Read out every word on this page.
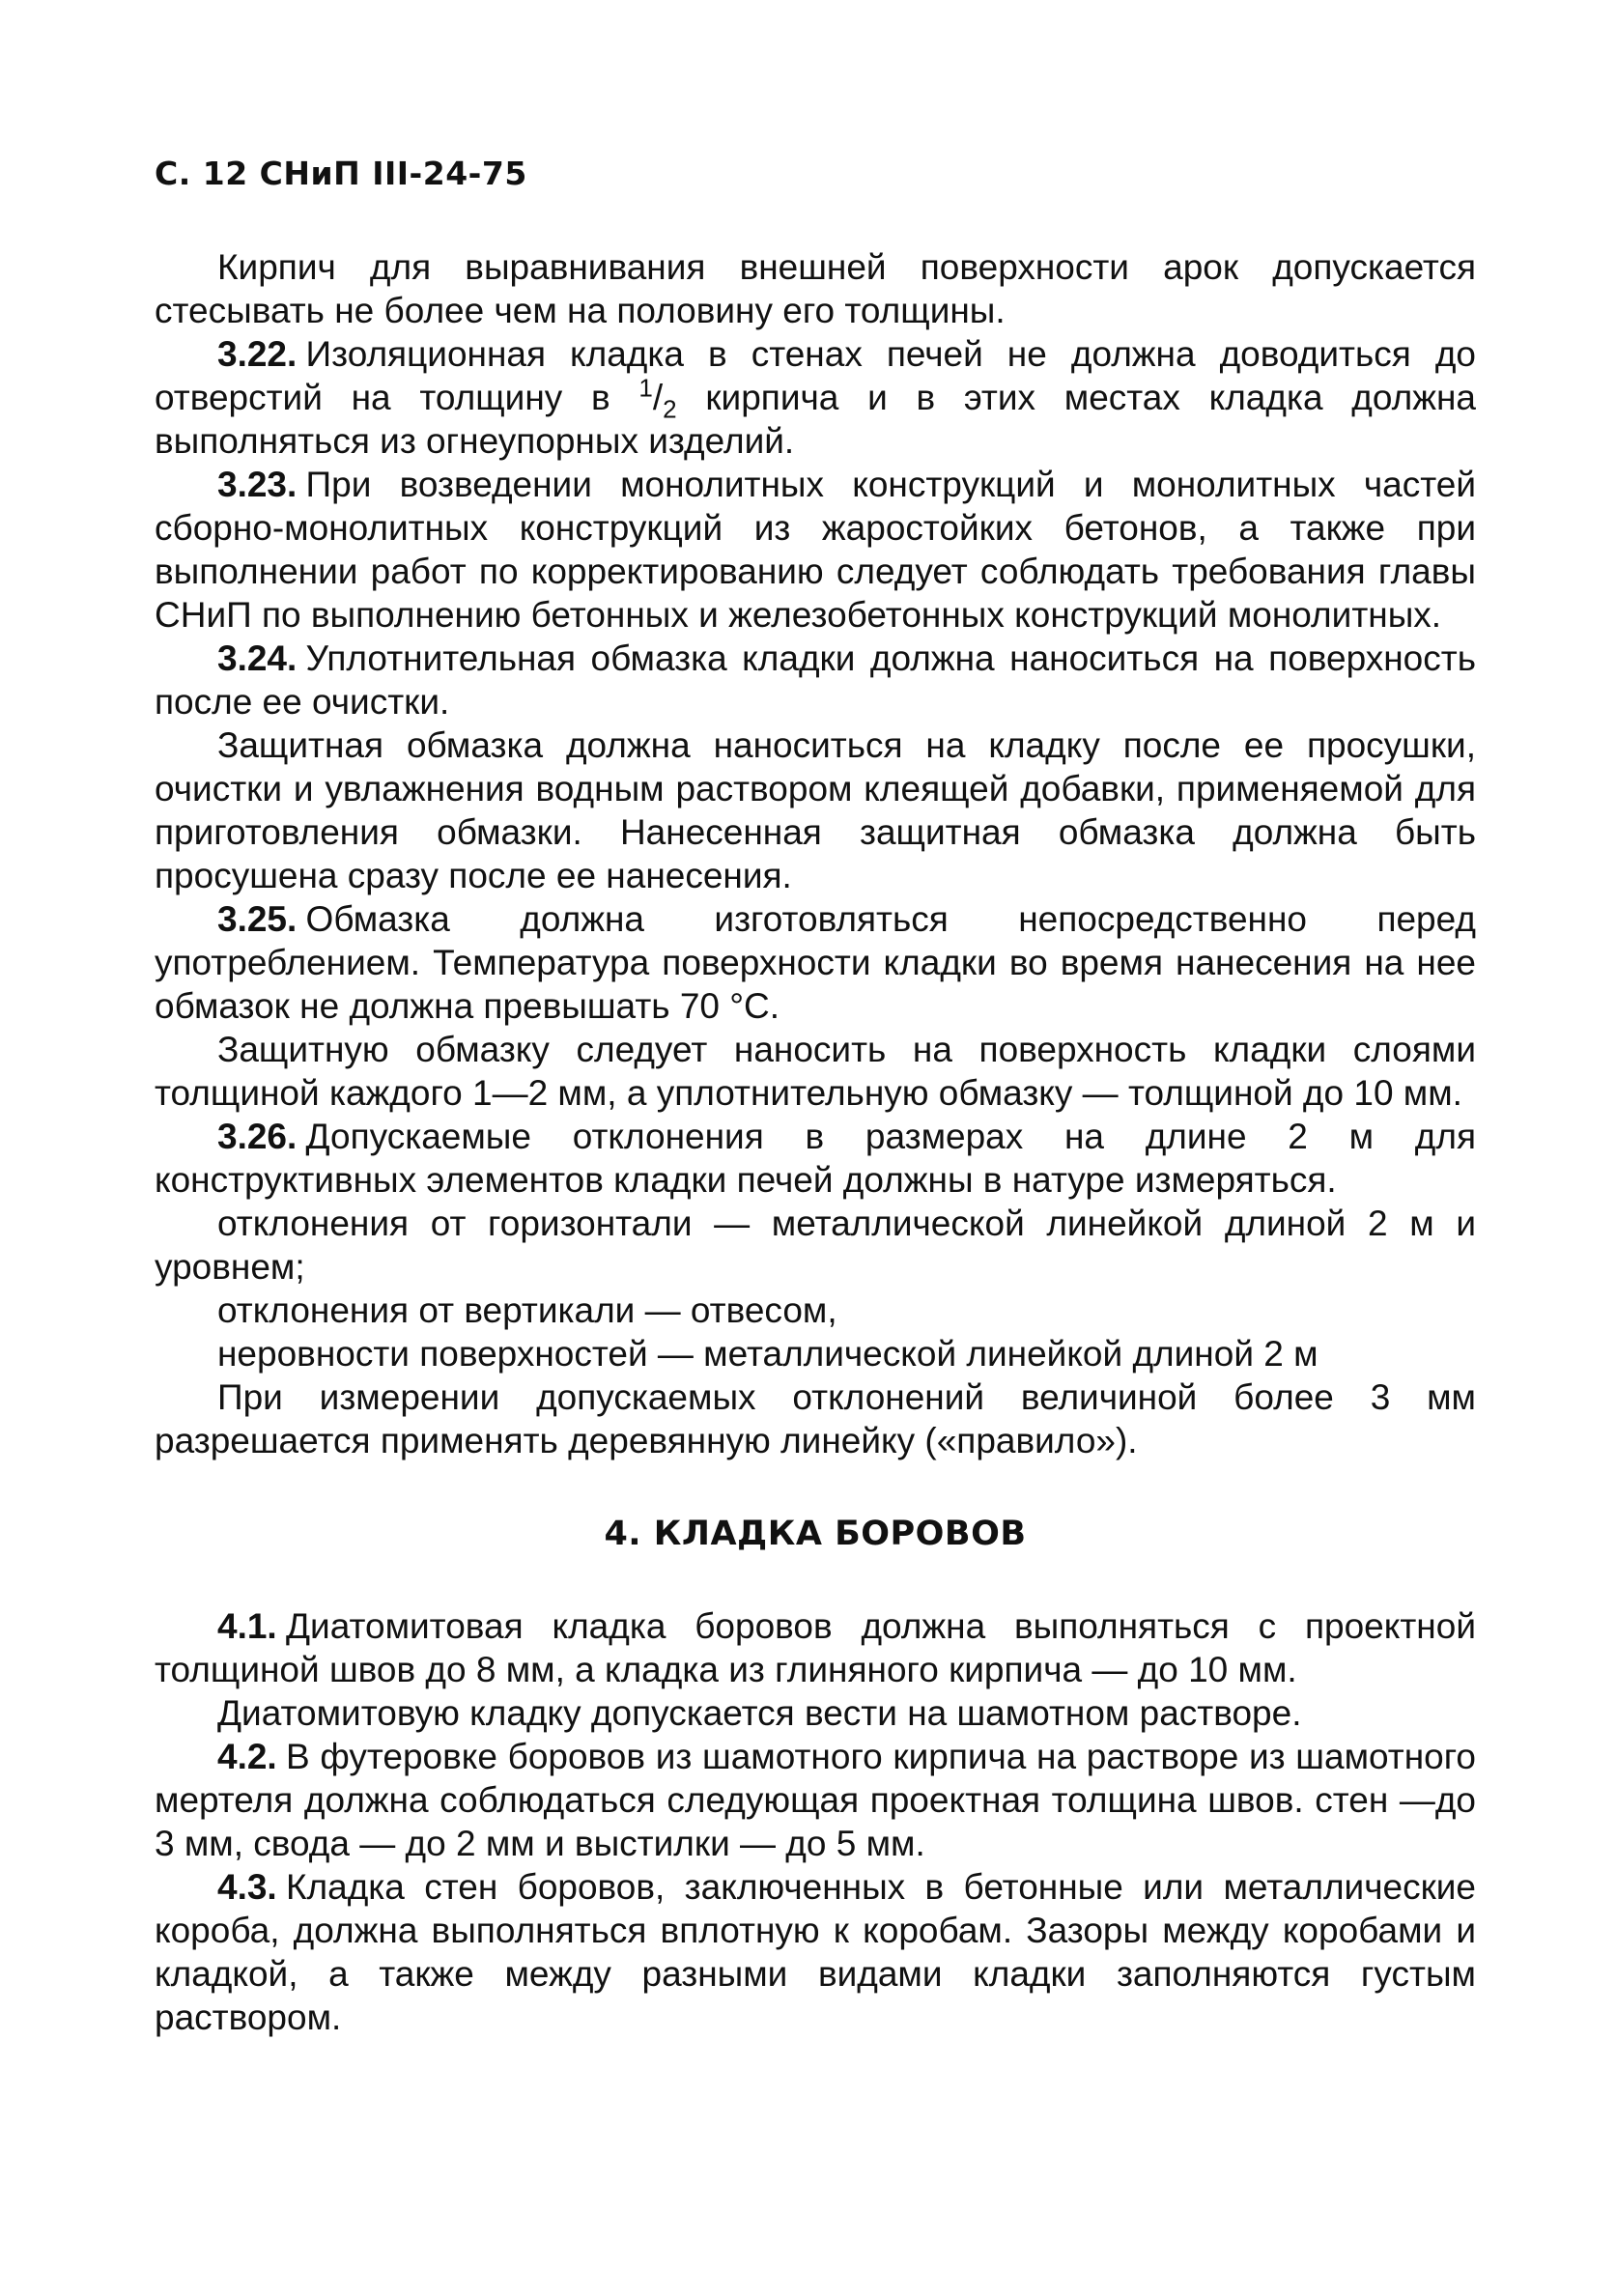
С. 12 СНиП III-24-75

Кирпич для выравнивания внешней поверхности арок допускается стесывать не более чем на половину его толщины.

3.22. Изоляционная кладка в стенах печей не должна доводиться до отверстий на толщину в $^1/_2$ кирпича и в этих местах кладка должна выполняться из огнеупорных изделий.

3.23. При возведении монолитных конструкций и монолитных частей сборно-монолитных конструкций из жаростойких бетонов, а также при выполнении работ по корректированию следует соблюдать требования главы СНиП по выполнению бетонных и железобетонных конструкций монолитных.

3.24. Уплотнительная обмазка кладки должна наноситься на поверхность после ее очистки.

Защитная обмазка должна наноситься на кладку после ее просушки, очистки и увлажнения водным раствором клеящей добавки, применяемой для приготовления обмазки. Нанесенная защитная обмазка должна быть просушена сразу после ее нанесения.

3.25. Обмазка должна изготовляться непосредственно перед употреблением. Температура поверхности кладки во время нанесения на нее обмазок не должна превышать 70 °С.

Защитную обмазку следует наносить на поверхность кладки слоями толщиной каждого 1—2 мм, а уплотнительную обмазку — толщиной до 10 мм.

3.26. Допускаемые отклонения в размерах на длине 2 м для конструктивных элементов кладки печей должны в натуре измеряться.

отклонения от горизонтали — металлической линейкой длиной 2 м и уровнем;

отклонения от вертикали — отвесом,

неровности поверхностей — металлической линейкой длиной 2 м

При измерении допускаемых отклонений величиной более 3 мм разрешается применять деревянную линейку («правило»).

4. КЛАДКА БОРОВОВ

4.1. Диатомитовая кладка боровов должна выполняться с проектной толщиной швов до 8 мм, а кладка из глиняного кирпича — до 10 мм.

Диатомитовую кладку допускается вести на шамотном растворе.

4.2. В футеровке боровов из шамотного кирпича на растворе из шамотного мертеля должна соблюдаться следующая проектная толщина швов. стен —до 3 мм, свода — до 2 мм и выстилки — до 5 мм.

4.3. Кладка стен боровов, заключенных в бетонные или металлические короба, должна выполняться вплотную к коробам. Зазоры между коробами и кладкой, а также между разными видами кладки заполняются густым раствором.
